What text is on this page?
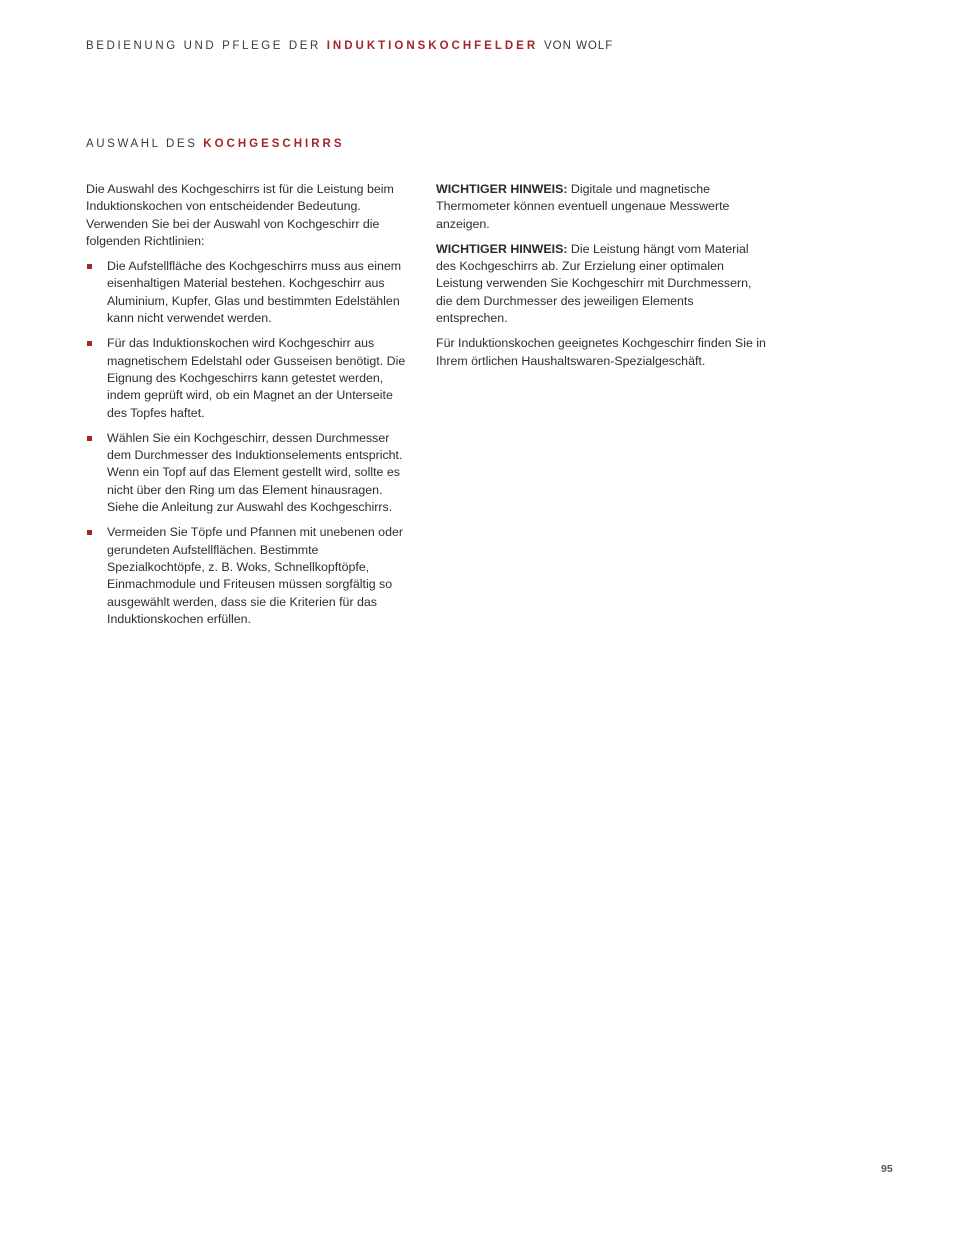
BEDIENUNG UND PFLEGE DER INDUKTIONSKOCHFELDER VON WOLF
AUSWAHL DES KOCHGESCHIRRS

Die Auswahl des Kochgeschirrs ist für die Leistung beim Induktionskochen von entscheidender Bedeutung. Verwenden Sie bei der Auswahl von Kochgeschirr die folgenden Richtlinien:

Die Aufstellfläche des Kochgeschirrs muss aus einem eisenhaltigen Material bestehen. Kochgeschirr aus Aluminium, Kupfer, Glas und bestimmten Edelstählen kann nicht verwendet werden.
Für das Induktionskochen wird Kochgeschirr aus magnetischem Edelstahl oder Gusseisen benötigt. Die Eignung des Kochgeschirrs kann getestet werden, indem geprüft wird, ob ein Magnet an der Unterseite des Topfes haftet.
Wählen Sie ein Kochgeschirr, dessen Durchmesser dem Durchmesser des Induktionselements entspricht. Wenn ein Topf auf das Element gestellt wird, sollte es nicht über den Ring um das Element hinausragen. Siehe die Anleitung zur Auswahl des Kochgeschirrs.
Vermeiden Sie Töpfe und Pfannen mit unebenen oder gerundeten Aufstellflächen. Bestimmte Spezialkochtöpfe, z. B. Woks, Schnellkopftöpfe, Einmachmodule und Friteusen müssen sorgfältig so ausgewählt werden, dass sie die Kriterien für das Induktionskochen erfüllen.

WICHTIGER HINWEIS: Digitale und magnetische Thermometer können eventuell ungenaue Messwerte anzeigen.

WICHTIGER HINWEIS: Die Leistung hängt vom Material des Kochgeschirrs ab. Zur Erzielung einer optimalen Leistung verwenden Sie Kochgeschirr mit Durchmessern, die dem Durchmesser des jeweiligen Elements entsprechen.

Für Induktionskochen geeignetes Kochgeschirr finden Sie in Ihrem örtlichen Haushaltswaren-Spezialgeschäft.

95
